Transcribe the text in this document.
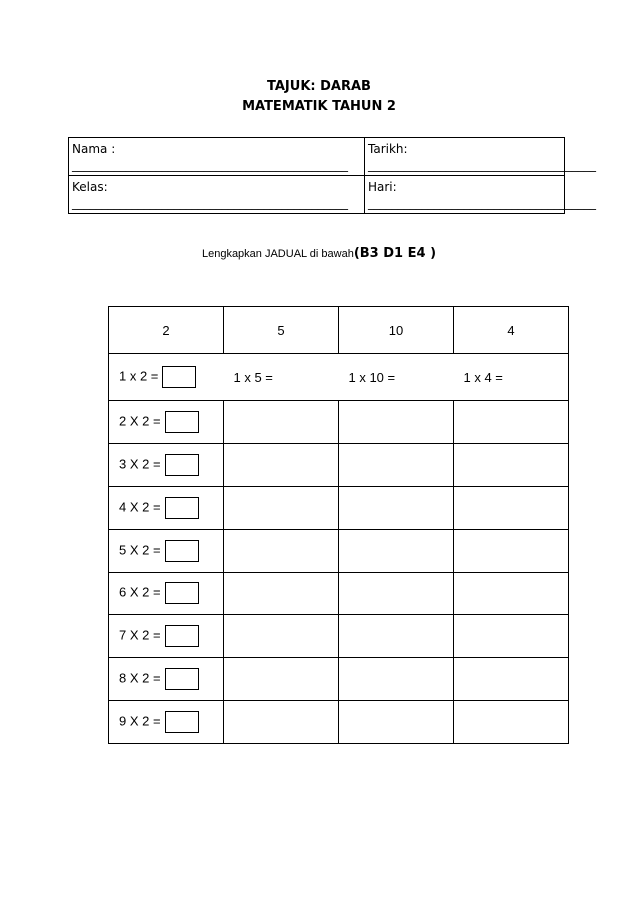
TAJUK: DARAB
MATEMATIK TAHUN 2
Nama :
______________________________________________	Tarikh:
______________________________________

Kelas:
______________________________________________	Hari:
______________________________________
Lengkapkan JADUAL di bawah(B3 D1 E4 )
2	5	10	4
1 x 2 =	1 x 5 =	1 x 10 =	1 x 4 =
2 X 2 =			
3 X 2 =			
4 X 2 =			
5 X 2 =			
6 X 2 =			
7 X 2 =			
8 X 2 =			
9 X 2 =			
